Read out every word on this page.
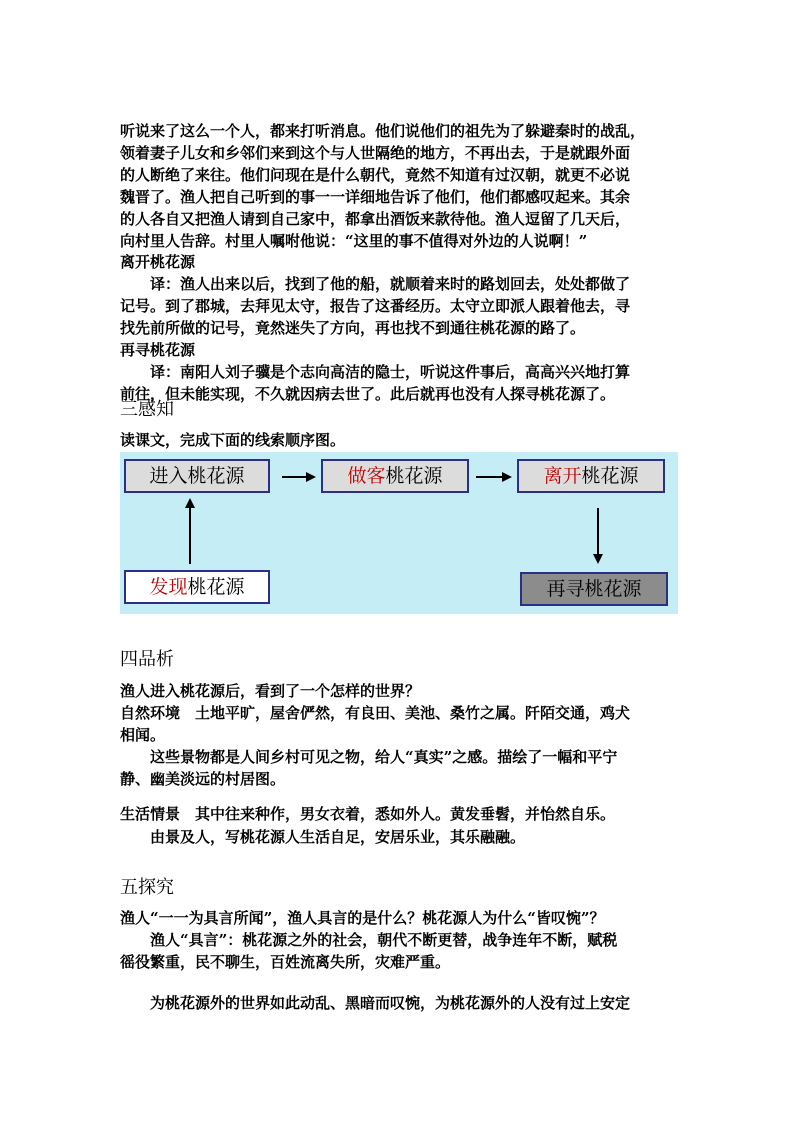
听说来了这么一个人，都来打听消息。他们说他们的祖先为了躲避秦时的战乱，
领着妻子儿女和乡邻们来到这个与人世隔绝的地方，不再出去，于是就跟外面
的人断绝了来往。他们问现在是什么朝代，竟然不知道有过汉朝，就更不必说
魏晋了。渔人把自己听到的事一一详细地告诉了他们，他们都感叹起来。其余
的人各自又把渔人请到自己家中，都拿出酒饭来款待他。渔人逗留了几天后，
向村里人告辞。村里人嘱咐他说：“这里的事不值得对外边的人说啊！”
离开桃花源
译：渔人出来以后，找到了他的船，就顺着来时的路划回去，处处都做了
记号。到了郡城，去拜见太守，报告了这番经历。太守立即派人跟着他去，寻
找先前所做的记号，竟然迷失了方向，再也找不到通往桃花源的路了。
再寻桃花源
译：南阳人刘子骥是个志向高洁的隐士，听说这件事后，高高兴兴地打算
前往，但未能实现，不久就因病去世了。此后就再也没有人探寻桃花源了。
三感知
读课文，完成下面的线索顺序图。
进入桃花源	做客桃花源	离开桃花源
发现桃花源	再寻桃花源
四品析
渔人进入桃花源后，看到了一个怎样的世界？
自然环境　土地平旷，屋舍俨然，有良田、美池、桑竹之属。阡陌交通，鸡犬
相闻。
这些景物都是人间乡村可见之物，给人“真实”之感。描绘了一幅和平宁
静、幽美淡远的村居图。
生活情景　其中往来种作，男女衣着，悉如外人。黄发垂髫，并怡然自乐。
由景及人，写桃花源人生活自足，安居乐业，其乐融融。
五探究
渔人“一一为具言所闻”，渔人具言的是什么？桃花源人为什么“皆叹惋”？
渔人“具言”：桃花源之外的社会，朝代不断更替，战争连年不断，赋税
徭役繁重，民不聊生，百姓流离失所，灾难严重。
为桃花源外的世界如此动乱、黑暗而叹惋，为桃花源外的人没有过上安定
